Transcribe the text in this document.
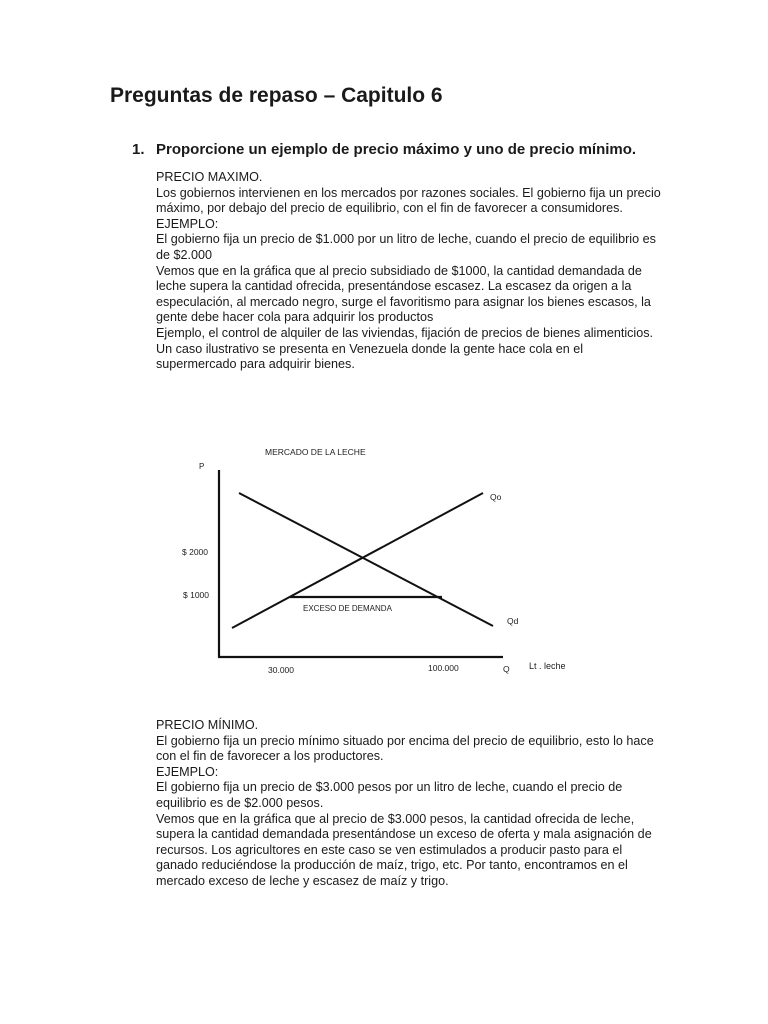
Preguntas de repaso – Capitulo 6
1. Proporcione un ejemplo de precio máximo y uno de precio mínimo.

PRECIO MAXIMO.

Los gobiernos intervienen en los mercados por razones sociales. El gobierno fija un precio máximo, por debajo del precio de equilibrio, con el fin de favorecer a consumidores.

EJEMPLO:

El gobierno fija un precio de $1.000 por un litro de leche, cuando el precio de equilibrio es de $2.000

Vemos que en la gráfica que al precio subsidiado de $1000, la cantidad demandada de leche supera la cantidad ofrecida, presentándose escasez. La escasez da origen a la especulación, al mercado negro, surge el favoritismo para asignar los bienes escasos, la gente debe hacer cola para adquirir los productos

Ejemplo, el control de alquiler de las viviendas, fijación de precios de bienes alimenticios. Un caso ilustrativo se presenta en Venezuela donde la gente hace cola en el supermercado para adquirir bienes.

MERCADO DE LA LECHE
P
Qo
Qd
$ 2000
$ 1000
EXCESO DE DEMANDA
30.000	100.000	Q Lt . leche

PRECIO MÍNIMO.

El gobierno fija un precio mínimo situado por encima del precio de equilibrio, esto lo hace con el fin de favorecer a los productores.

EJEMPLO:

El gobierno fija un precio de $3.000 pesos por un litro de leche, cuando el precio de equilibrio es de $2.000 pesos.

Vemos que en la gráfica que al precio de $3.000 pesos, la cantidad ofrecida de leche, supera la cantidad demandada presentándose un exceso de oferta y mala asignación de recursos. Los agricultores en este caso se ven estimulados a producir pasto para el ganado reduciéndose la producción de maíz, trigo, etc. Por tanto, encontramos en el mercado exceso de leche y escasez de maíz y trigo.
